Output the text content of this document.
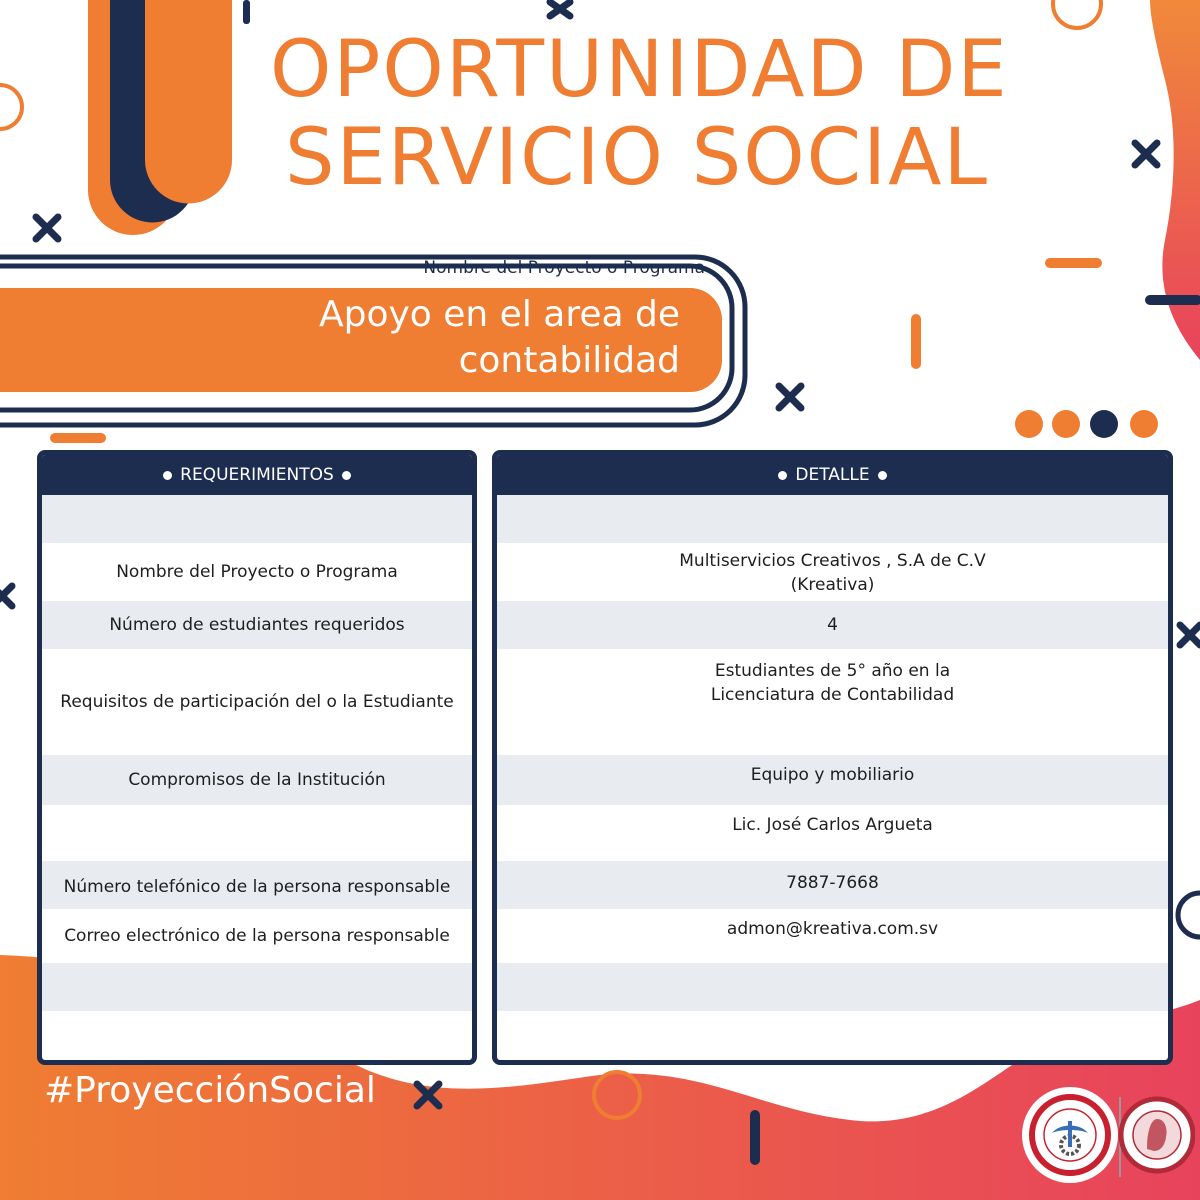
OPORTUNIDAD DE
SERVICIO SOCIAL
Nombre del Proyecto o Programa
Apoyo en el area de
contabilidad
REQUERIMIENTOS
Nombre del Proyecto o Programa
Número de estudiantes requeridos
Requisitos de participación del o la Estudiante
Compromisos de la Institución
Número telefónico de la persona responsable
Correo electrónico de la persona responsable
DETALLE
Multiservicios Creativos , S.A de C.V
(Kreativa)
4
Estudiantes de 5° año en la
Licenciatura de Contabilidad
Equipo y mobiliario
Lic. José Carlos Argueta
7887-7668
admon@kreativa.com.sv
#ProyecciónSocial
